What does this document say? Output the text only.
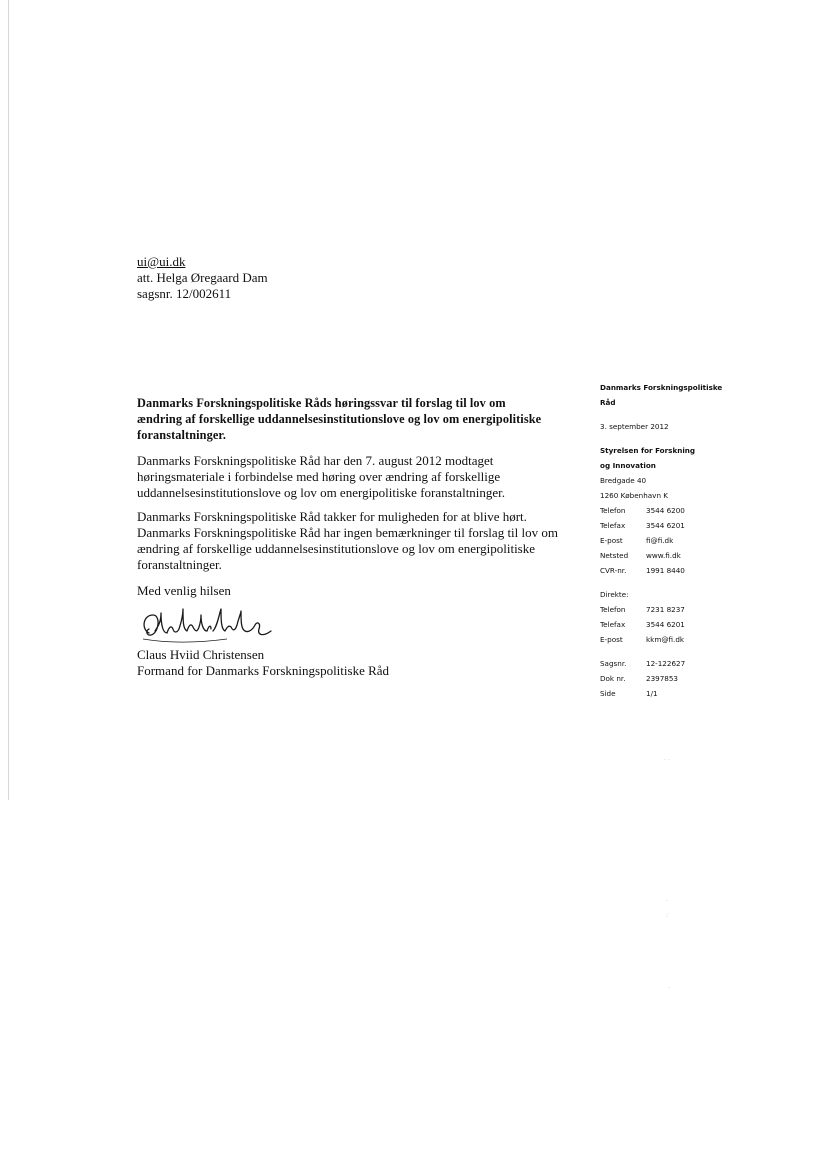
ui@ui.dk
att. Helga Øregaard Dam
sagsnr. 12/002611
Danmarks Forskningspolitiske Råds høringssvar til forslag til lov om
ændring af forskellige uddannelsesinstitutionslove og lov om energipolitiske
foranstaltninger.
Danmarks Forskningspolitiske Råd har den 7. august 2012 modtaget
høringsmateriale i forbindelse med høring over ændring af forskellige
uddannelsesinstitutionslove og lov om energipolitiske foranstaltninger.
Danmarks Forskningspolitiske Råd takker for muligheden for at blive hørt.
Danmarks Forskningspolitiske Råd har ingen bemærkninger til forslag til lov om
ændring af forskellige uddannelsesinstitutionslove og lov om energipolitiske
foranstaltninger.
Med venlig hilsen
Claus Hviid Christensen
Formand for Danmarks Forskningspolitiske Råd
Danmarks Forskningspolitiske
Råd
3. september 2012
Styrelsen for Forskning
og Innovation
Bredgade 40
1260 København K
Telefon	3544 6200
Telefax	3544 6201
E-post	fi@fi.dk
Netsted	www.fi.dk
CVR-nr.	1991 8440
Direkte:
Telefon	7231 8237
Telefax	3544 6201
E-post	kkm@fi.dk
Sagsnr.	12-122627
Dok nr.	2397853
Side	1/1
· ·
·
:
·
